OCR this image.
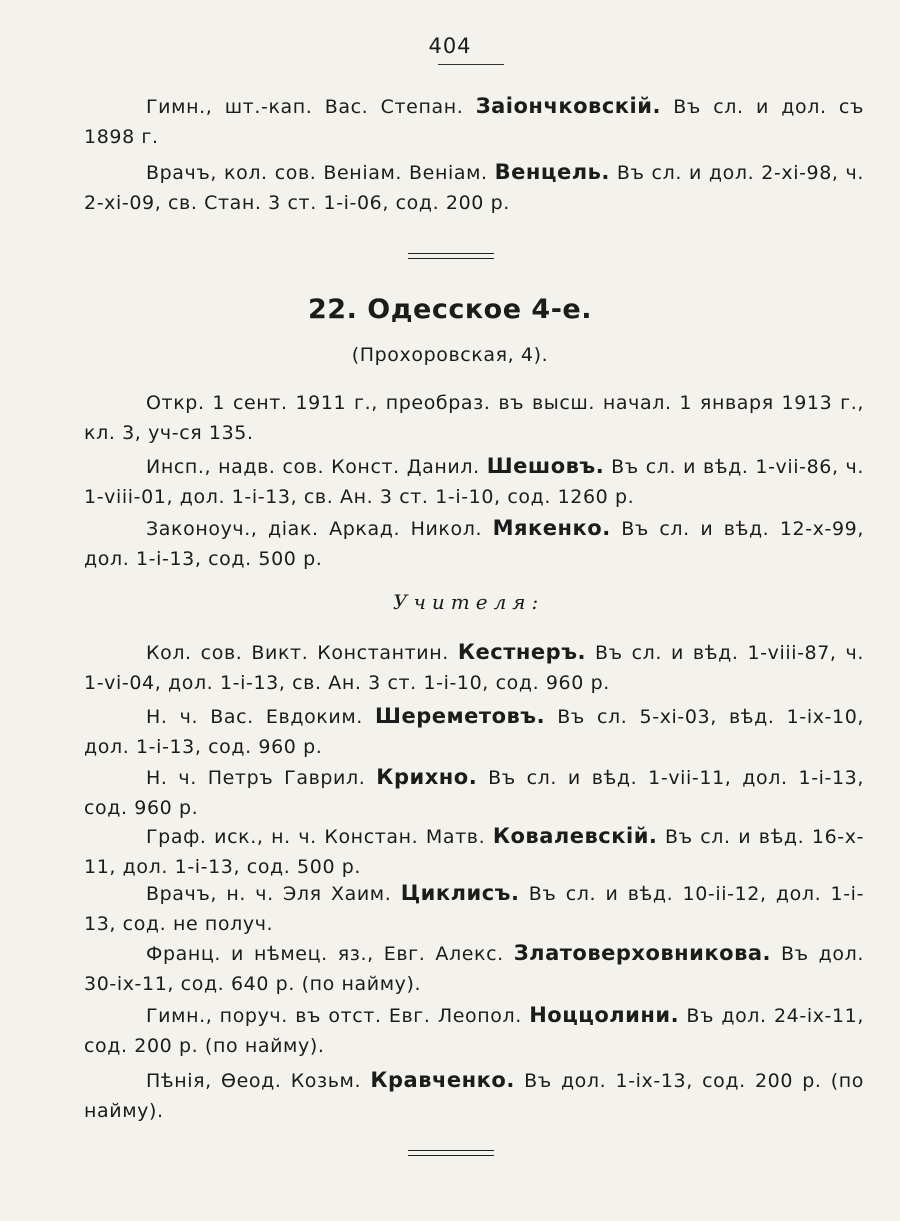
404
Гимн., шт.-кап. Вас. Степан. Заіончковскій. Въ сл. и дол. съ 1898 г.
Врачъ, кол. сов. Веніам. Веніам. Венцель. Въ сл. и дол. 2-xi-98, ч. 2-xi-09, св. Стан. 3 ст. 1-i-06, сод. 200 р.
22. Одесское 4-е.
(Прохоровская, 4).
Откр. 1 сент. 1911 г., преобраз. въ высш. начал. 1 января 1913 г., кл. 3, уч-ся 135.
Инсп., надв. сов. Конст. Данил. Шешовъ. Въ сл. и вѣд. 1-vii-86, ч. 1-viii-01, дол. 1-i-13, св. Ан. 3 ст. 1-i-10, сод. 1260 р.
Законоуч., діак. Аркад. Никол. Мякенко. Въ сл. и вѣд. 12-x-99, дол. 1-i-13, сод. 500 р.
Учителя:
Кол. сов. Викт. Константин. Кестнеръ. Въ сл. и вѣд. 1-viii-87, ч. 1-vi-04, дол. 1-i-13, св. Ан. 3 ст. 1-i-10, сод. 960 р.
Н. ч. Вас. Евдоким. Шереметовъ. Въ сл. 5-xi-03, вѣд. 1-ix-10, дол. 1-i-13, сод. 960 р.
Н. ч. Петръ Гаврил. Крихно. Въ сл. и вѣд. 1-vii-11, дол. 1-i-13, сод. 960 р.
Граф. иск., н. ч. Констан. Матв. Ковалевскій. Въ сл. и вѣд. 16-x-11, дол. 1-i-13, сод. 500 р.
Врачъ, н. ч. Эля Хаим. Циклисъ. Въ сл. и вѣд. 10-ii-12, дол. 1-i-13, сод. не получ.
Франц. и нѣмец. яз., Евг. Алекс. Златоверховникова. Въ дол. 30-ix-11, сод. 640 р. (по найму).
Гимн., поруч. въ отст. Евг. Леопол. Ноццолини. Въ дол. 24-ix-11, сод. 200 р. (по найму).
Пѣнія, Ѳеод. Козьм. Кравченко. Въ дол. 1-ix-13, сод. 200 р. (по найму).
